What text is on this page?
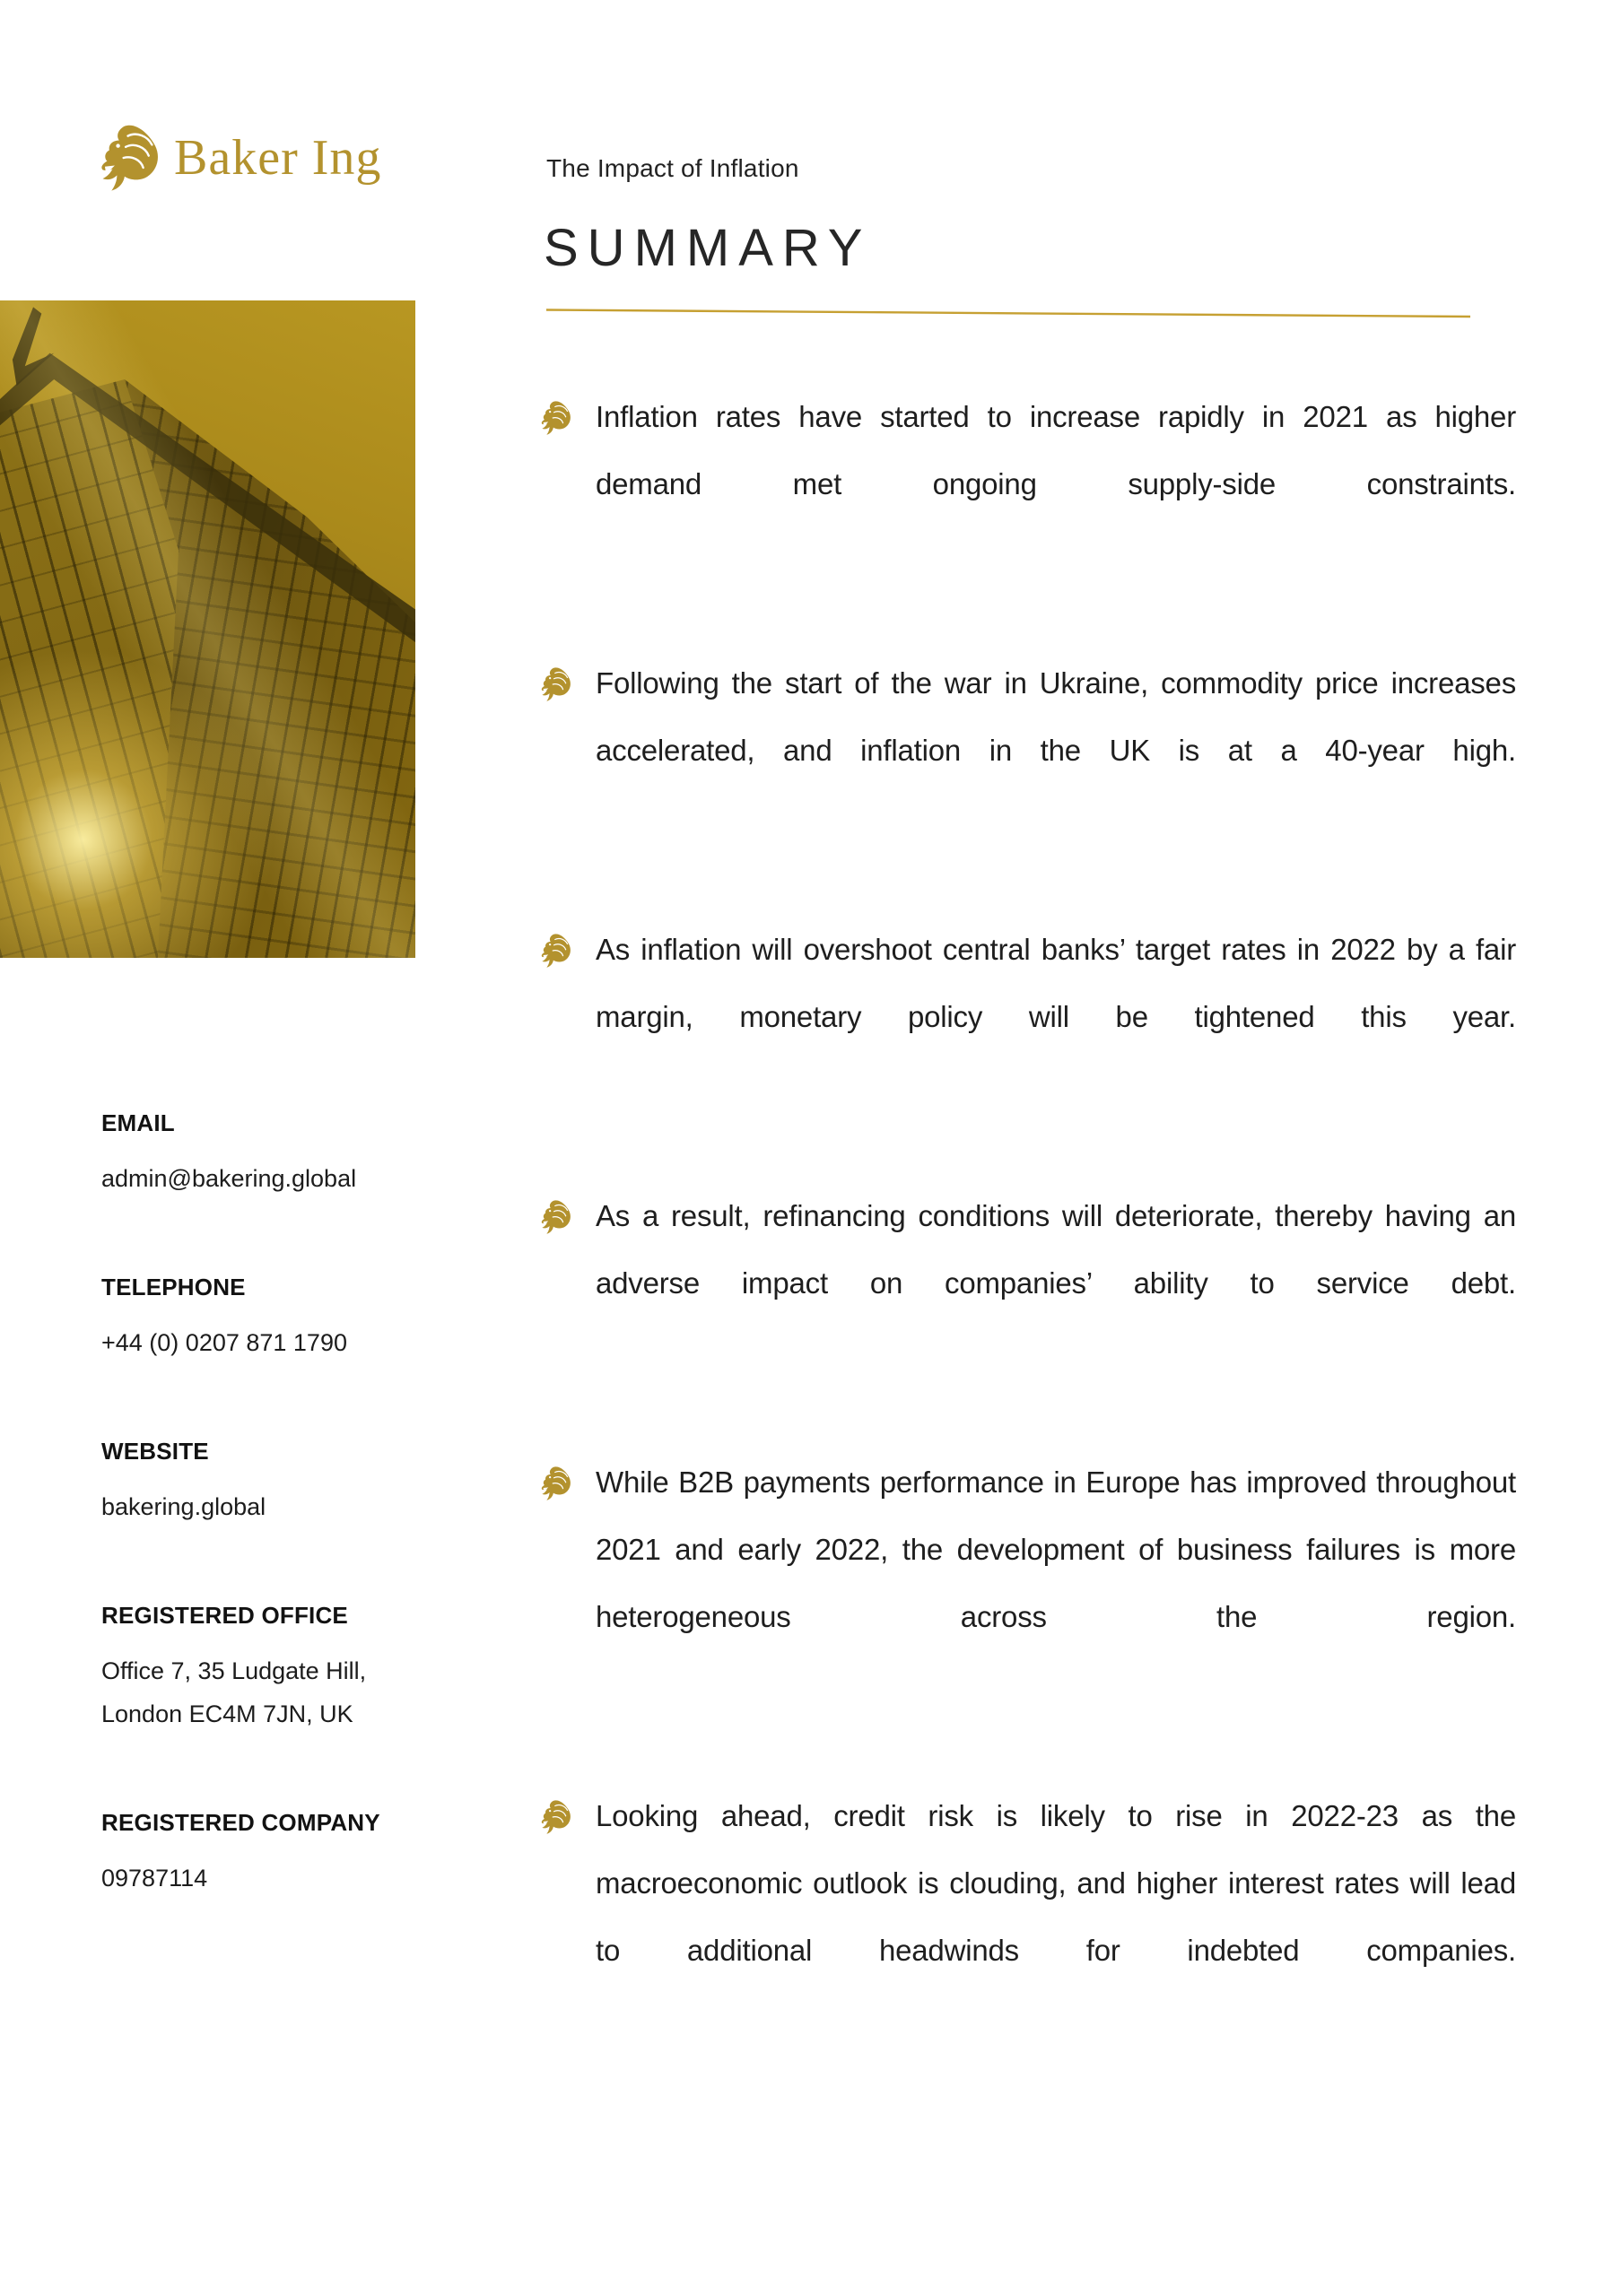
Baker Ing	The Impact of Inflation
SUMMARY
EMAIL
admin@bakering.global
TELEPHONE
+44 (0) 0207 871 1790
WEBSITE
bakering.global
REGISTERED OFFICE
Office 7, 35 Ludgate Hill,
London EC4M 7JN, UK
REGISTERED COMPANY
09787114

Inflation rates have started to increase rapidly in 2021 as higher demand met ongoing supply-side constraints.

Following the start of the war in Ukraine, commodity price increases accelerated, and inflation in the UK is at a 40-year high.

As inflation will overshoot central banks’ target rates in 2022 by a fair margin, monetary policy will be tightened this year.

As a result, refinancing conditions will deteriorate, thereby having an adverse impact on companies’ ability to service debt.

While B2B payments performance in Europe has improved throughout 2021 and early 2022, the development of business failures is more heterogeneous across the region.

Looking ahead, credit risk is likely to rise in 2022-23 as the macroeconomic outlook is clouding, and higher interest rates will lead to additional headwinds for indebted companies.
